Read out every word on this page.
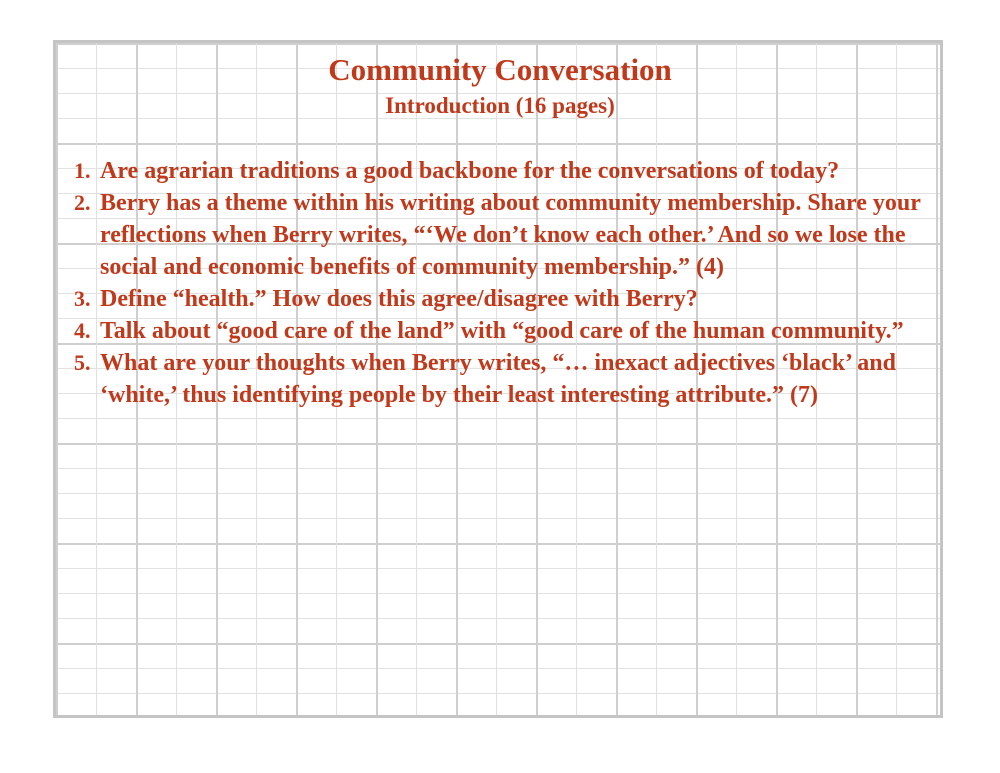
Community Conversation
Introduction (16 pages)
1. Are agrarian traditions a good backbone for the conversations of today?
2. Berry has a theme within his writing about community membership. Share your reflections when Berry writes, “‘We don’t know each other.’ And so we lose the social and economic benefits of community membership.” (4)
3. Define “health.” How does this agree/disagree with Berry?
4. Talk about “good care of the land” with “good care of the human community.”
5. What are your thoughts when Berry writes, “… inexact adjectives ‘black’ and ‘white,’ thus identifying people by their least interesting attribute.” (7)
